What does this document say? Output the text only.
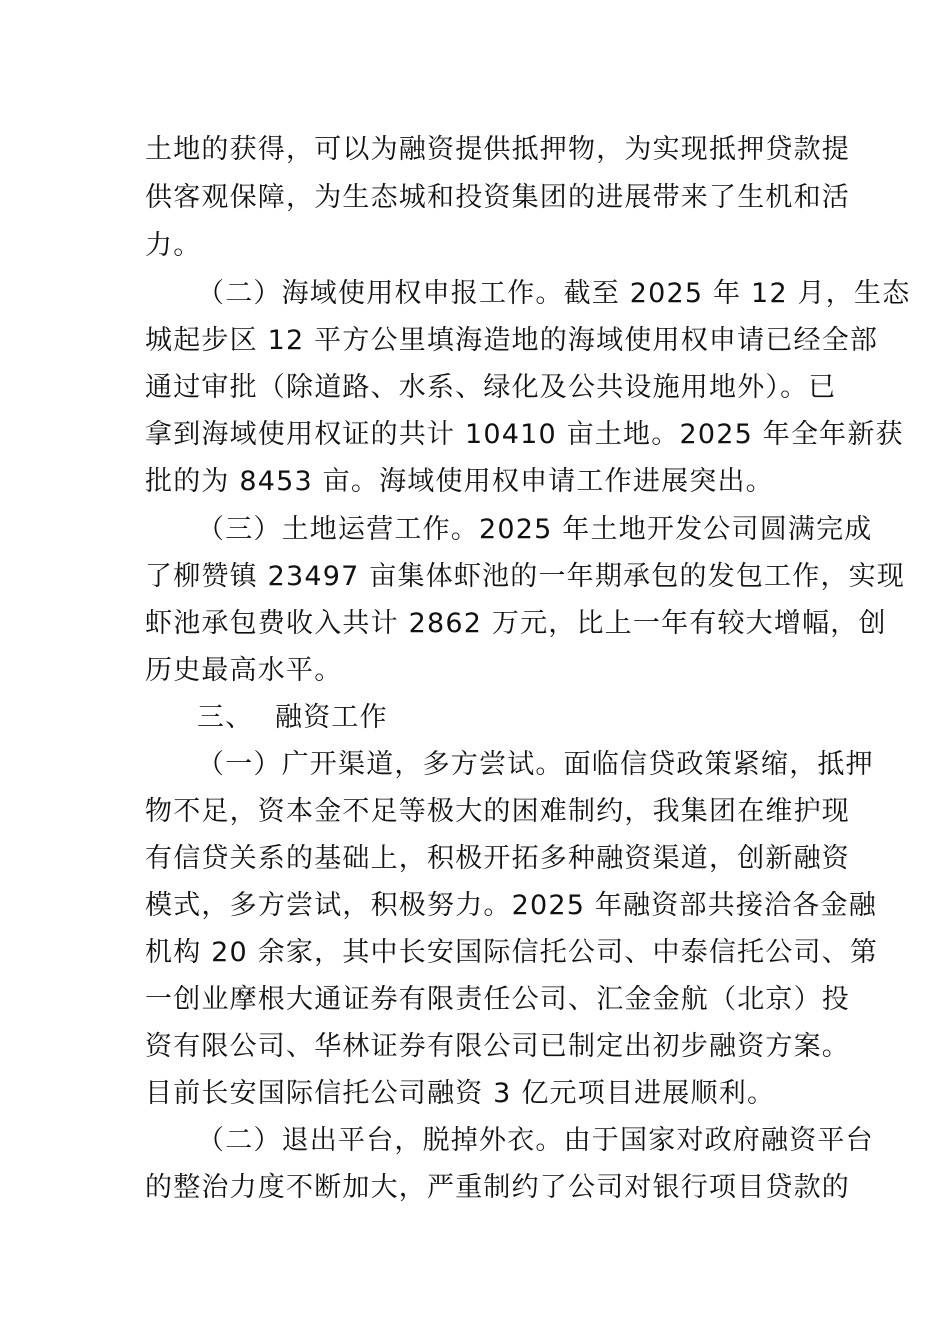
土地的获得，可以为融资提供抵押物，为实现抵押贷款提
供客观保障，为生态城和投资集团的进展带来了生机和活
力。
（二）海域使用权申报工作。截至 2025 年 12 月，生态
城起步区 12 平方公里填海造地的海域使用权申请已经全部
通过审批（除道路、水系、绿化及公共设施用地外）。已
拿到海域使用权证的共计 10410 亩土地。2025 年全年新获
批的为 8453 亩。海域使用权申请工作进展突出。
（三）土地运营工作。2025 年土地开发公司圆满完成
了柳赞镇 23497 亩集体虾池的一年期承包的发包工作，实现
虾池承包费收入共计 2862 万元，比上一年有较大增幅，创
历史最高水平。
三、 融资工作
（一）广开渠道，多方尝试。面临信贷政策紧缩，抵押
物不足，资本金不足等极大的困难制约，我集团在维护现
有信贷关系的基础上，积极开拓多种融资渠道，创新融资
模式，多方尝试，积极努力。2025 年融资部共接洽各金融
机构 20 余家，其中长安国际信托公司、中泰信托公司、第
一创业摩根大通证券有限责任公司、汇金金航（北京）投
资有限公司、华林证券有限公司已制定出初步融资方案。
目前长安国际信托公司融资 3 亿元项目进展顺利。
（二）退出平台，脱掉外衣。由于国家对政府融资平台
的整治力度不断加大，严重制约了公司对银行项目贷款的
